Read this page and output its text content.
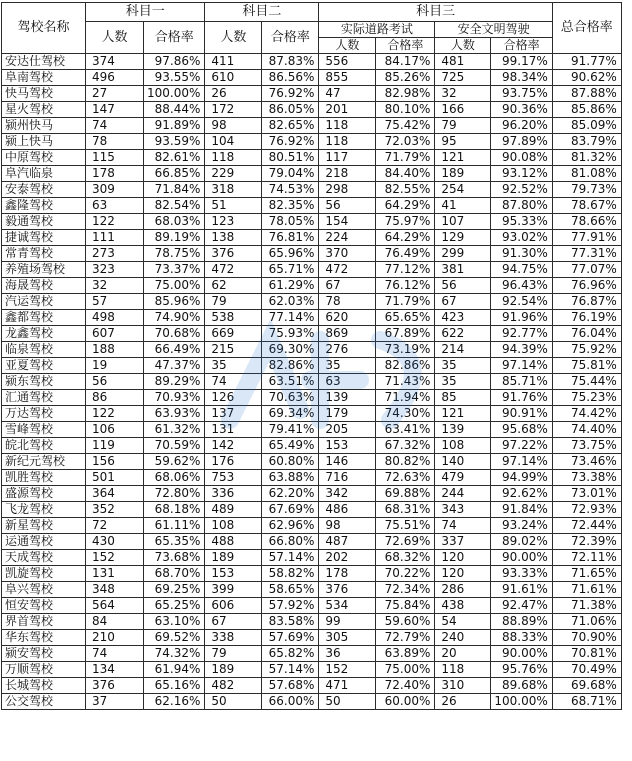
驾校名称	科目一		科目二		科目三				总合格率
	人数	合格率	人数	合格率	实际道路考试		安全文明驾驶		
					人数	合格率	人数	合格率	
安达仕驾校	374	97.86%	411	87.83%	556	84.17%	481	99.17%	91.77%
阜南驾校	496	93.55%	610	86.56%	855	85.26%	725	98.34%	90.62%
快马驾校	27	100.00%	26	76.92%	47	82.98%	32	93.75%	87.88%
星火驾校	147	88.44%	172	86.05%	201	80.10%	166	90.36%	85.86%
颍州快马	74	91.89%	98	82.65%	118	75.42%	79	96.20%	85.09%
颍上快马	78	93.59%	104	76.92%	118	72.03%	95	97.89%	83.79%
中原驾校	115	82.61%	118	80.51%	117	71.79%	121	90.08%	81.32%
阜汽临泉	178	66.85%	229	79.04%	218	84.40%	189	93.12%	81.08%
安泰驾校	309	71.84%	318	74.53%	298	82.55%	254	92.52%	79.73%
鑫隆驾校	63	82.54%	51	82.35%	56	64.29%	41	87.80%	78.67%
毅通驾校	122	68.03%	123	78.05%	154	75.97%	107	95.33%	78.66%
捷诚驾校	111	89.19%	138	76.81%	224	64.29%	129	93.02%	77.91%
常青驾校	273	78.75%	376	65.96%	370	76.49%	299	91.30%	77.31%
养殖场驾校	323	73.37%	472	65.71%	472	77.12%	381	94.75%	77.07%
海晟驾校	32	75.00%	62	61.29%	67	76.12%	56	96.43%	76.96%
汽运驾校	57	85.96%	79	62.03%	78	71.79%	67	92.54%	76.87%
鑫都驾校	498	74.90%	538	77.14%	620	65.65%	423	91.96%	76.19%
龙鑫驾校	607	70.68%	669	75.93%	869	67.89%	622	92.77%	76.04%
临泉驾校	188	66.49%	215	69.30%	276	73.19%	214	94.39%	75.92%
亚夏驾校	19	47.37%	35	82.86%	35	82.86%	35	97.14%	75.81%
颍东驾校	56	89.29%	74	63.51%	63	71.43%	35	85.71%	75.44%
汇通驾校	86	70.93%	126	70.63%	139	71.94%	85	91.76%	75.23%
万达驾校	122	63.93%	137	69.34%	179	74.30%	121	90.91%	74.42%
雪峰驾校	106	61.32%	131	79.41%	205	63.41%	139	95.68%	74.40%
皖北驾校	119	70.59%	142	65.49%	153	67.32%	108	97.22%	73.75%
新纪元驾校	156	59.62%	176	60.80%	146	80.82%	140	97.14%	73.46%
凯胜驾校	501	68.06%	753	63.88%	716	72.63%	479	94.99%	73.38%
盛源驾校	364	72.80%	336	62.20%	342	69.88%	244	92.62%	73.01%
飞龙驾校	352	68.18%	489	67.69%	486	68.31%	343	91.84%	72.93%
新星驾校	72	61.11%	108	62.96%	98	75.51%	74	93.24%	72.44%
运通驾校	430	65.35%	488	66.80%	487	72.69%	337	89.02%	72.39%
天成驾校	152	73.68%	189	57.14%	202	68.32%	120	90.00%	72.11%
凯旋驾校	131	68.70%	153	58.82%	178	70.22%	120	93.33%	71.65%
阜兴驾校	348	69.25%	399	58.65%	376	72.34%	286	91.61%	71.61%
恒安驾校	564	65.25%	606	57.92%	534	75.84%	438	92.47%	71.38%
界首驾校	84	63.10%	67	83.58%	99	59.60%	54	88.89%	71.06%
华东驾校	210	69.52%	338	57.69%	305	72.79%	240	88.33%	70.90%
颍安驾校	74	74.32%	79	65.82%	36	63.89%	20	90.00%	70.81%
万顺驾校	134	61.94%	189	57.14%	152	75.00%	118	95.76%	70.49%
长城驾校	376	65.16%	482	57.68%	471	72.40%	310	89.68%	69.68%
公交驾校	37	62.16%	50	66.00%	50	60.00%	26	100.00%	68.71%
